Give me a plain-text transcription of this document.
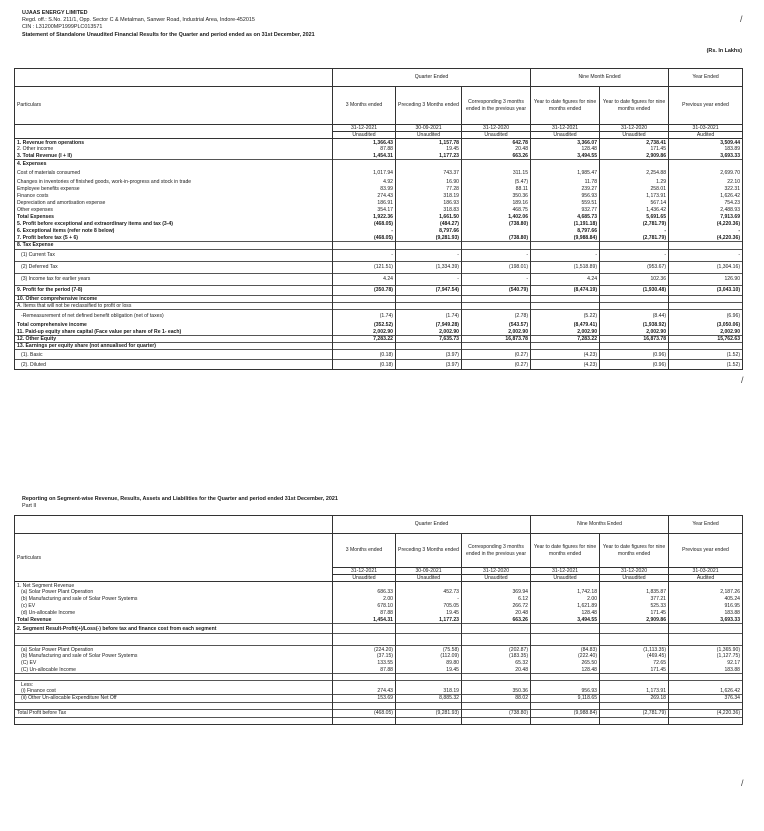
UJAAS ENERGY LIMITED
Regd. off.: S.No. 211/1, Opp. Sector C & Metalman, Sanwer Road, Industrial Area, Indore-452015
CIN : L31200MP1999PLC013571
Statement of Standalone Unaudited Financial Results for the Quarter and period ended as on 31st December, 2021
(Rs. In Lakhs)
/
/
/
	Quarter Ended			Nine Month Ended		Year Ended
Particulars	3 Months ended	Preceding 3 Months ended	Corresponding 3 months ended in the previous year	Year to date figures for nine months ended	Year to date figures for nine months ended	Previous year ended
	31-12-2021	30-09-2021	31-12-2020	31-12-2021	31-12-2020	31-03-2021
	Unaudited	Unaudited	Unaudited	Unaudited	Unaudited	Audited
1. Revenue from operations	1,366.43	1,157.78	642.78	3,366.07	2,738.41	3,509.44
2. Other income	87.88	19.45	20.48	128.48	171.45	183.89
3. Total Revenue (I + II)	1,454.31	1,177.23	663.26	3,494.55	2,909.86	3,693.33
4. Expenses						
Cost of materials consumed	1,017.94	743.37	311.15	1,985.47	2,254.88	2,699.70
Changes in inventories of finished goods, work-in-progress and stock in trade	4.92	16.90	(5.47)	11.78	1.29	22.10
Employee benefits expense	83.99	77.28	88.11	239.27	258.01	322.31
Finance costs	274.43	318.19	350.36	956.93	1,173.91	1,626.42
Depreciation and amortisation expense	186.91	186.93	189.16	559.51	567.14	754.23
Other expenses	354.17	318.83	468.75	932.77	1,436.42	2,488.93
Total Expenses	1,922.36	1,661.50	1,402.06	4,685.73	5,691.65	7,913.69
5. Profit before exceptional and extraordinary items and tax (3-4)	(468.05)	(484.27)	(738.80)	(1,191.18)	(2,781.79)	(4,220.36)
6. Exceptional items (refer note 8 below)	-	8,797.66		8,797.66	-	-
7. Profit before tax (5 + 6)	(468.05)	(9,281.93)	(738.80)	(9,988.84)	(2,781.79)	(4,220.36)
8. Tax Expense						
(1) Current Tax	-	-	-	-	-	-
(2) Deferred Tax	(121.51)	(1,334.39)	(198.01)	(1,518.89)	(953.67)	(1,304.16)
(3) Income tax for earlier years	4.24	-	-	4.24	102.36	126.90
9. Profit for the period (7-8)	(350.78)	(7,947.54)	(540.79)	(8,474.19)	(1,930.48)	(3,043.10)
10. Other comprehensive income						
A. Items that will not be reclassified to profit or loss						
-Remeasurement of net defined benefit obligation (net of taxes)	(1.74)	(1.74)	(2.78)	(5.22)	(8.44)	(6.96)
Total comprehensive income	(352.52)	(7,949.28)	(543.57)	(8,479.41)	(1,938.92)	(3,050.06)
11. Paid-up equity share capital (Face value per share of Re 1- each)	2,002.90	2,002.90	2,002.90	2,002.90	2,002.90	2,002.90
12. Other Equity	7,283.22	7,635.73	16,873.78	7,283.22	16,873.78	15,762.63
13. Earnings per equity share (not annualised for quarter)						
(1). Basic	(0.18)	(3.97)	(0.27)	(4.23)	(0.96)	(1.52)
(2). Diluted	(0.18)	(3.97)	(0.27)	(4.23)	(0.96)	(1.52)
Reporting on Segment-wise Revenue, Results, Assets and Liabilities for the Quarter and period ended 31st December, 2021
Part II
	Quarter Ended			Nine Months Ended		Year Ended
Particulars	3 Months ended	Preceding 3 Months ended	Corresponding 3 months ended in the previous year	Year to date figures for nine months ended	Year to date figures for nine months ended	Previous year ended
	31-12-2021	30-09-2021	31-12-2020	31-12-2021	31-12-2020	31-03-2021
	Unaudited	Unaudited	Unaudited	Unaudited	Unaudited	Audited
1. Net Segment Revenue						
(a) Solar Power Plant Operation	686.33	452.73	369.94	1,742.18	1,835.87	2,187.26
(b) Manufacturing and sale of Solar Power Systems	2.00	-	6.12	2.00	377.21	405.24
(c) EV	678.10	705.05	266.72	1,621.89	525.33	916.95
(d) Un-allocable Income	87.88	19.45	20.48	128.48	171.45	183.88
Total Revenue	1,454.31	1,177.23	663.26	3,494.55	2,909.86	3,693.33
2. Segment Result-Profit(+)/Loss(-) before tax and finance cost from each segment						

(a) Solar Power Plant Operation	(224.20)	(75.58)	(202.87)	(84.83)	(1,113.35)	(1,365.90)
(b) Manufacturing and sale of Solar Power Systems	(37.15)	(112.09)	(183.35)	(222.40)	(469.45)	(1,127.75)
(C) EV	133.55	89.80	65.32	265.50	72.65	92.17
(C) Un-allocable Income	87.88	19.45	20.48	128.48	171.45	183.88

Less:						
(i) Finance cost	274.43	318.19	350.36	956.93	1,173.91	1,626.42
(ii) Other Un-allocable Expenditure Net Off	153.69	8,885.32	88.02	9,118.65	269.18	376.34

Total Profit before Tax	(468.05)	(9,281.93)	(738.80)	(9,988.84)	(2,781.79)	(4,220.36)
